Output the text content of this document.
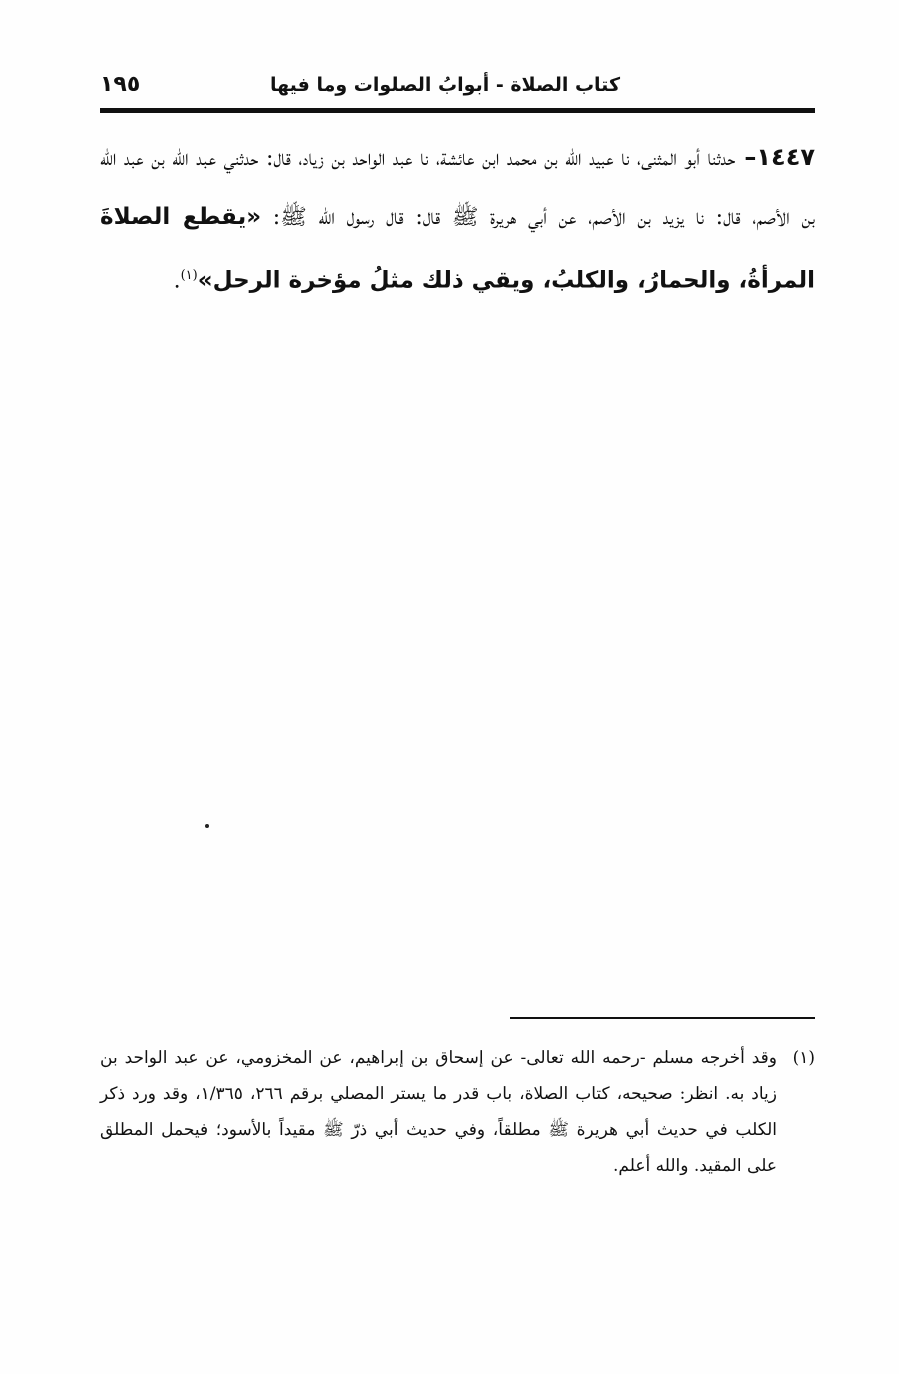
كتاب الصلاة - أبوابُ الصلوات وما فيها
١٩٥

١٤٤٧– حدثنا أبو المثنى، نا عبيد الله بن محمد ابن عائشة، نا عبد الواحد بن زياد، قال: حدثني عبد الله بن عبد الله بن الأصم، قال: نا يزيد بن الأصم، عن أبي هريرة ﷺ قال: قال رسول الله ﷺ: «يقطع الصلاةَ المرأةُ، والحمارُ، والكلبُ، ويقي ذلك مثلُ مؤخرة الرحل»$^{(١)}$.

(١)
وقد أخرجه مسلم -رحمه الله تعالى- عن إسحاق بن إبراهيم، عن المخزومي، عن عبد الواحد بن زياد به. انظر: صحيحه، كتاب الصلاة، باب قدر ما يستر المصلي برقم ٢٦٦، ١/٣٦٥، وقد ورد ذكر الكلب في حديث أبي هريرة ﷺ مطلقاً، وفي حديث أبي ذرّ ﷺ مقيداً بالأسود؛ فيحمل المطلق على المقيد. والله أعلم.
